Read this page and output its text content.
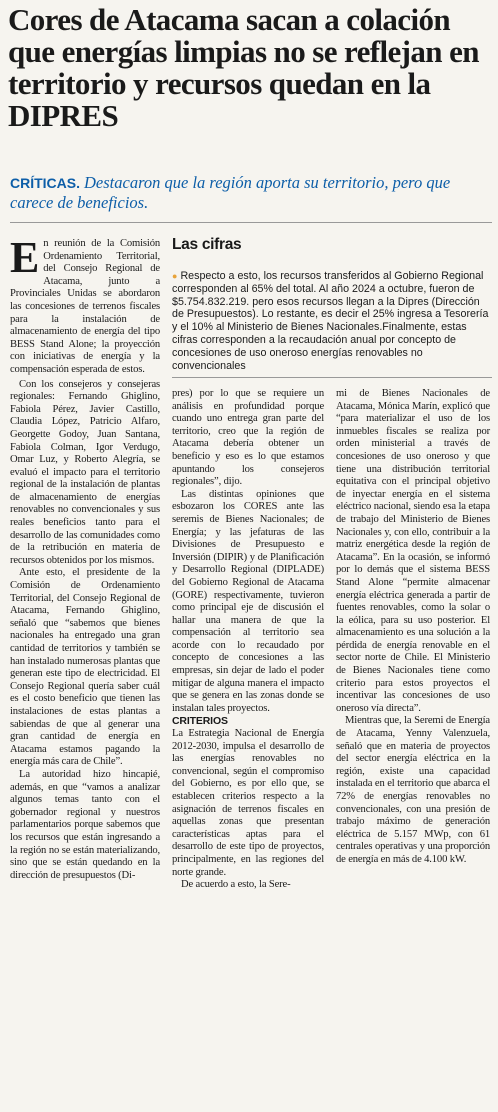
Cores de Atacama sacan a colación que energías limpias no se reflejan en territorio y recursos quedan en la DIPRES
CRÍTICAS. Destacaron que la región aporta su territorio, pero que carece de beneficios.

En reunión de la Comisión Ordenamiento Territorial, del Consejo Regional de Atacama, junto a Provinciales Unidas se abordaron las concesiones de terrenos fiscales para la instalación de almacenamiento de energía del tipo BESS Stand Alone; la proyección con iniciativas de energía y la compensación esperada de estos.

Con los consejeros y consejeras regionales: Fernando Ghiglino, Fabiola Pérez, Javier Castillo, Claudia López, Patricio Alfaro, Georgette Godoy, Juan Santana, Fabiola Colman, Igor Verdugo, Omar Luz, y Roberto Alegría, se evaluó el impacto para el territorio regional de la instalación de plantas de almacenamiento de energías renovables no convencionales y sus reales beneficios tanto para el desarrollo de las comunidades como de la retribución en materia de recursos obtenidos por los mismos.

Ante esto, el presidente de la Comisión de Ordenamiento Territorial, del Consejo Regional de Atacama, Fernando Ghiglino, señaló que “sabemos que bienes nacionales ha entregado una gran cantidad de territorios y también se han instalado numerosas plantas que generan este tipo de electricidad. El Consejo Regional quería saber cuál es el costo beneficio que tienen las instalaciones de estas plantas a sabiendas de que al generar una gran cantidad de energía en Atacama estamos pagando la energía más cara de Chile”.

La autoridad hizo hincapié, además, en que “vamos a analizar algunos temas tanto con el gobernador regional y nuestros parlamentarios porque sabemos que los recursos que están ingresando a la región no se están materializando, sino que se están quedando en la dirección de presupuestos (Di-

Las cifras
● Respecto a esto, los recursos transferidos al Gobierno Regional corresponden al 65% del total. Al año 2024 a octubre, fueron de $5.754.832.219. pero esos recursos llegan a la Dipres (Dirección de Presupuestos). Lo restante, es decir el 25% ingresa a Tesorería y el 10% al Ministerio de Bienes Nacionales.Finalmente, estas cifras corresponden a la recaudación anual por concepto de concesiones de uso oneroso energías renovables no convencionales

pres) por lo que se requiere un análisis en profundidad porque cuando uno entrega gran parte del territorio, creo que la región de Atacama debería obtener un beneficio y eso es lo que estamos apuntando los consejeros regionales”, dijo.

Las distintas opiniones que esbozaron los CORES ante las seremis de Bienes Nacionales; de Energía; y las jefaturas de las Divisiones de Presupuesto e Inversión (DIPIR) y de Planificación y Desarrollo Regional (DIPLADE) del Gobierno Regional de Atacama (GORE) respectivamente, tuvieron como principal eje de discusión el hallar una manera de que la compensación al territorio sea acorde con lo recaudado por concepto de concesiones a las empresas, sin dejar de lado el poder mitigar de alguna manera el impacto que se genera en las zonas donde se instalan tales proyectos.

CRITERIOS

La Estrategia Nacional de Energía 2012-2030, impulsa el desarrollo de las energías renovables no convencional, según el compromiso del Gobierno, es por ello que, se establecen criterios respecto a la asignación de terrenos fiscales en aquellas zonas que presentan características aptas para el desarrollo de este tipo de proyectos, principalmente, en las regiones del norte grande.

De acuerdo a esto, la Sere-

mi de Bienes Nacionales de Atacama, Mónica Marín, explicó que “para materializar el uso de los inmuebles fiscales se realiza por orden ministerial a través de concesiones de uso oneroso y que tiene una distribución territorial equitativa con el principal objetivo de inyectar energía en el sistema eléctrico nacional, siendo esa la etapa de trabajo del Ministerio de Bienes Nacionales y, con ello, contribuir a la matriz energética desde la región de Atacama”. En la ocasión, se informó por lo demás que el sistema BESS Stand Alone “permite almacenar energía eléctrica generada a partir de fuentes renovables, como la solar o la eólica, para su uso posterior. El almacenamiento es una solución a la pérdida de energía renovable en el sector norte de Chile. El Ministerio de Bienes Nacionales tiene como criterio para estos proyectos el incentivar las concesiones de uso oneroso vía directa”.

Mientras que, la Seremi de Energía de Atacama, Yenny Valenzuela, señaló que en materia de proyectos del sector energía eléctrica en la región, existe una capacidad instalada en el territorio que abarca el 72% de energías renovables no convencionales, con una presión de trabajo máximo de generación eléctrica de 5.157 MWp, con 61 centrales operativas y una proporción de energía en más de 4.100 kW.
